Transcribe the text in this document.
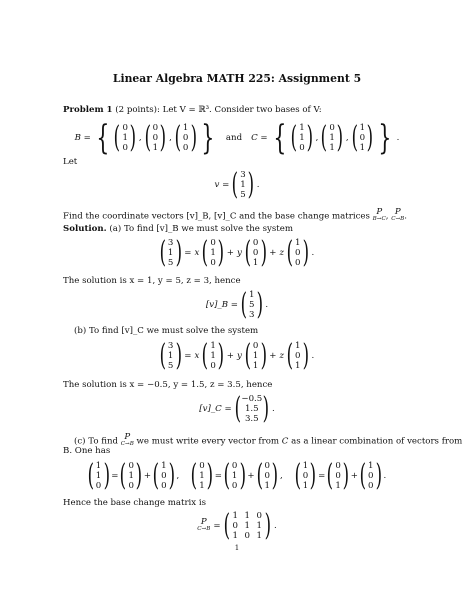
Linear Algebra MATH 225: Assignment 5
Problem 1 (2 points): Let V = ℝ³. Consider two bases of V:
B = { ( 0
1
0 ) , ( 0
0
1 ) , ( 1
0
0 ) } and C = { ( 1
1
0 ) , ( 0
1
1 ) , ( 1
0
1 ) } .
Let
v = ( 3
1
5 ) .
Find the coordinate vectors [v]_B, [v]_C and the base change matrices P
B→C , P
C→B .
Solution. (a) To find [v]_B we must solve the system
( 3
1
5 ) = x ( 0
1
0 ) + y ( 0
0
1 ) + z ( 1
0
0 ) .
The solution is x = 1, y = 5, z = 3, hence
[v]_B = ( 1
5
3 ) .
(b) To find [v]_C we must solve the system
( 3
1
5 ) = x ( 1
1
0 ) + y ( 0
1
1 ) + z ( 1
0
1 ) .
The solution is x = −0.5, y = 1.5, z = 3.5, hence
[v]_C = ( −0.5
1.5
3.5 ) .
(c) To find P
C→B we must write every vector from C as a linear combination of vectors from
B. One has
( 1
1
0 ) = ( 0
1
0 ) + ( 1
0
0 ) , ( 0
1
1 ) = ( 0
1
0 ) + ( 0
0
1 ) , ( 1
0
1 ) = ( 0
0
1 ) + ( 1
0
0 ) .
Hence the base change matrix is
P
C→B = ( 1 1 0
0 1 1
1 0 1 ) .
1
